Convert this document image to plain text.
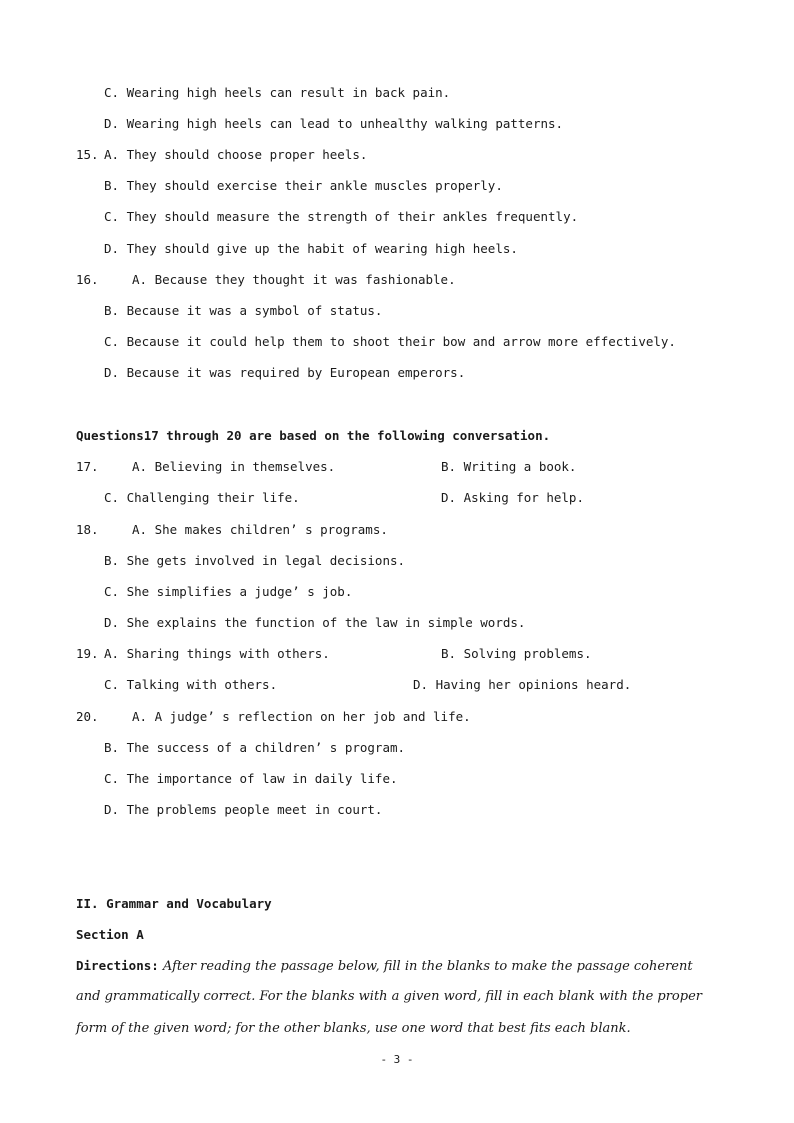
C. Wearing high heels can result in back pain.
D. Wearing high heels can lead to unhealthy walking patterns.
15. A. They should choose proper heels.
B. They should exercise their ankle muscles properly.
C. They should measure the strength of their ankles frequently.
D. They should give up the habit of wearing high heels.
16.	A. Because they thought it was fashionable.
B. Because it was a symbol of status.
C. Because it could help them to shoot their bow and arrow more effectively.
D. Because it was required by European emperors.
Questions17 through 20 are based on the following conversation.
17.	A. Believing in themselves.	B. Writing a book.
C. Challenging their life.	D. Asking for help.
18.	A. She makes children’ s programs.
B. She gets involved in legal decisions.
C. She simplifies a judge’ s job.
D. She explains the function of the law in simple words.
19. A. Sharing things with others.	B. Solving problems.
C. Talking with others.	D. Having her opinions heard.
20.	A. A judge’ s reflection on her job and life.
B. The success of a children’ s program.
C. The importance of law in daily life.
D. The problems people meet in court.
II. Grammar and Vocabulary
Section A
Directions: After reading the passage below, fill in the blanks to make the passage coherent
and grammatically correct. For the blanks with a given word, fill in each blank with the proper
form of the given word; for the other blanks, use one word that best fits each blank.
- 3 -
